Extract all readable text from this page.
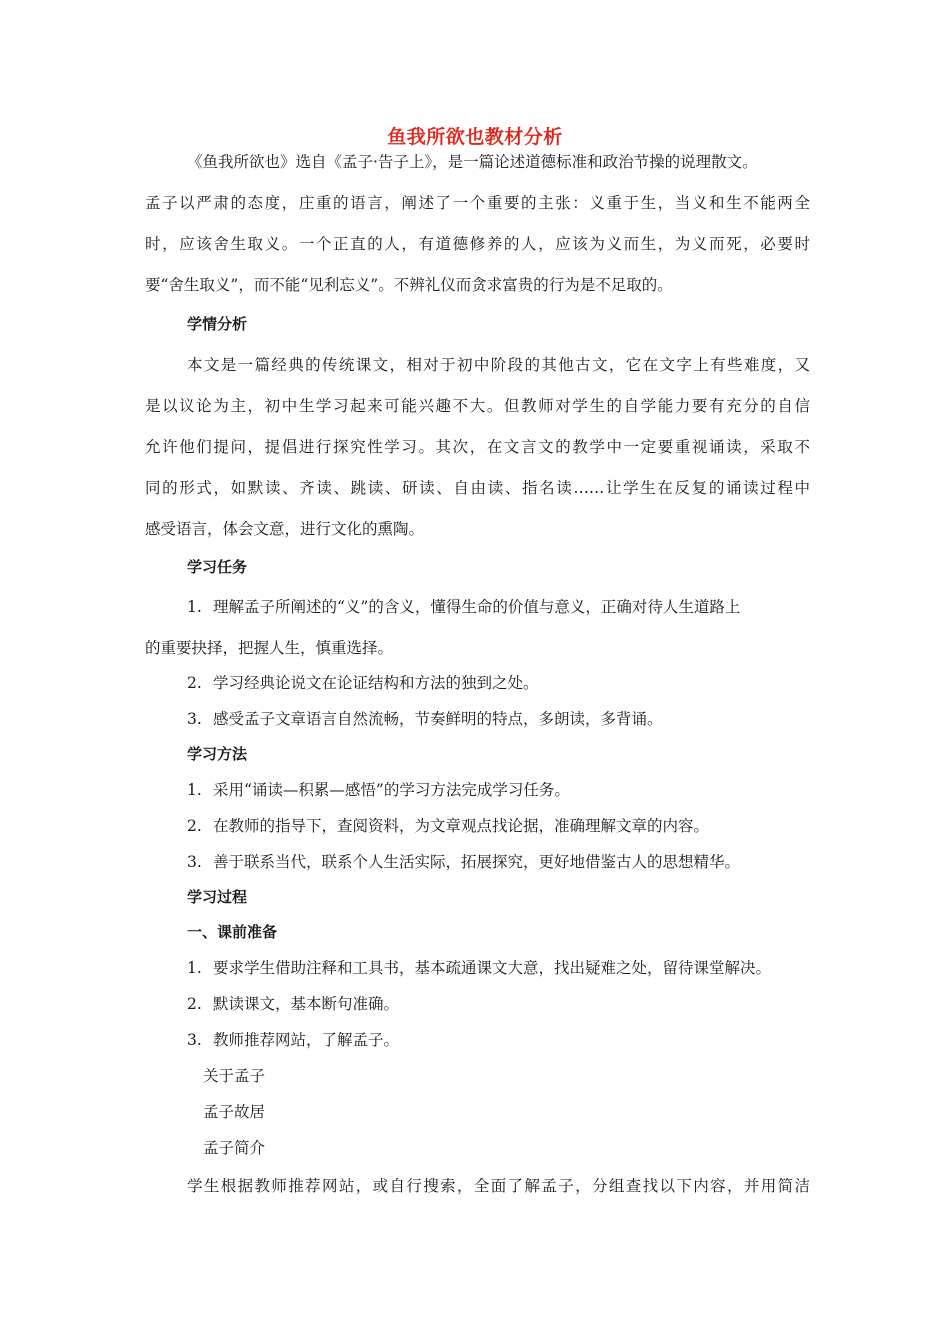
鱼我所欲也教材分析
《鱼我所欲也》选自《孟子·告子上》，是一篇论述道德标准和政治节操的说理散文。
孟子以严肃的态度，庄重的语言，阐述了一个重要的主张：义重于生，当义和生不能两全
时，应该舍生取义。一个正直的人，有道德修养的人，应该为义而生，为义而死，必要时
要“舍生取义”，而不能“见利忘义”。不辨礼仪而贪求富贵的行为是不足取的。
学情分析
本文是一篇经典的传统课文，相对于初中阶段的其他古文，它在文字上有些难度，又
是以议论为主，初中生学习起来可能兴趣不大。但教师对学生的自学能力要有充分的自信
允许他们提问，提倡进行探究性学习。其次，在文言文的教学中一定要重视诵读，采取不
同的形式，如默读、齐读、跳读、研读、自由读、指名读……让学生在反复的诵读过程中
感受语言，体会文意，进行文化的熏陶。
学习任务
1. 理解孟子所阐述的“义”的含义，懂得生命的价值与意义，正确对待人生道路上
的重要抉择，把握人生，慎重选择。
2. 学习经典论说文在论证结构和方法的独到之处。
3. 感受孟子文章语言自然流畅，节奏鲜明的特点，多朗读，多背诵。
学习方法
1. 采用“诵读—积累—感悟”的学习方法完成学习任务。
2. 在教师的指导下，查阅资料，为文章观点找论据，准确理解文章的内容。
3. 善于联系当代，联系个人生活实际，拓展探究，更好地借鉴古人的思想精华。
学习过程
一、课前准备
1. 要求学生借助注释和工具书，基本疏通课文大意，找出疑难之处，留待课堂解决。
2. 默读课文，基本断句准确。
3. 教师推荐网站，了解孟子。
关于孟子
孟子故居
孟子简介
学生根据教师推荐网站，或自行搜索，全面了解孟子，分组查找以下内容，并用简洁
